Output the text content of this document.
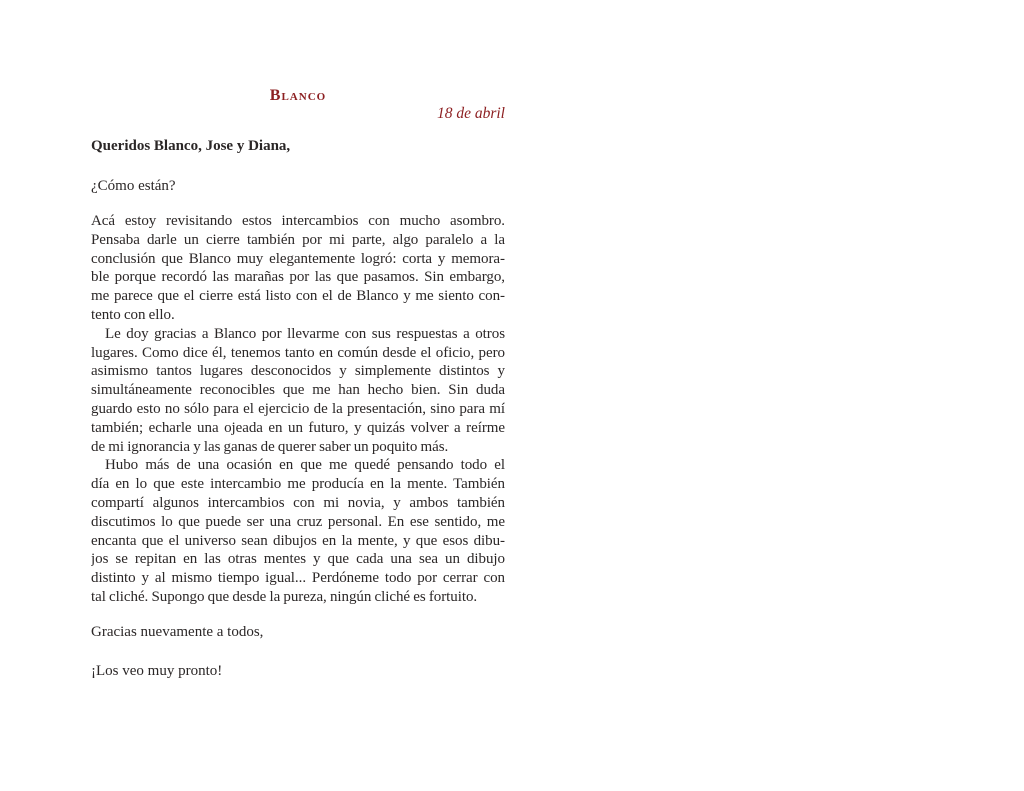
Blanco
18 de abril
Queridos Blanco, Jose y Diana,
¿Cómo están?
Acá estoy revisitando estos intercambios con mucho asombro.
Pensaba darle un cierre también por mi parte, algo paralelo a la
conclusión que Blanco muy elegantemente logró: corta y memora-
ble porque recordó las marañas por las que pasamos. Sin embargo,
me parece que el cierre está listo con el de Blanco y me siento con-
tento con ello.
Le doy gracias a Blanco por llevarme con sus respuestas a otros
lugares. Como dice él, tenemos tanto en común desde el oficio, pero
asimismo tantos lugares desconocidos y simplemente distintos y
simultáneamente reconocibles que me han hecho bien. Sin duda
guardo esto no sólo para el ejercicio de la presentación, sino para mí
también; echarle una ojeada en un futuro, y quizás volver a reírme
de mi ignorancia y las ganas de querer saber un poquito más.
Hubo más de una ocasión en que me quedé pensando todo el
día en lo que este intercambio me producía en la mente. También
compartí algunos intercambios con mi novia, y ambos también
discutimos lo que puede ser una cruz personal. En ese sentido, me
encanta que el universo sean dibujos en la mente, y que esos dibu-
jos se repitan en las otras mentes y que cada una sea un dibujo
distinto y al mismo tiempo igual... Perdóneme todo por cerrar con
tal cliché. Supongo que desde la pureza, ningún cliché es fortuito.
Gracias nuevamente a todos,
¡Los veo muy pronto!
